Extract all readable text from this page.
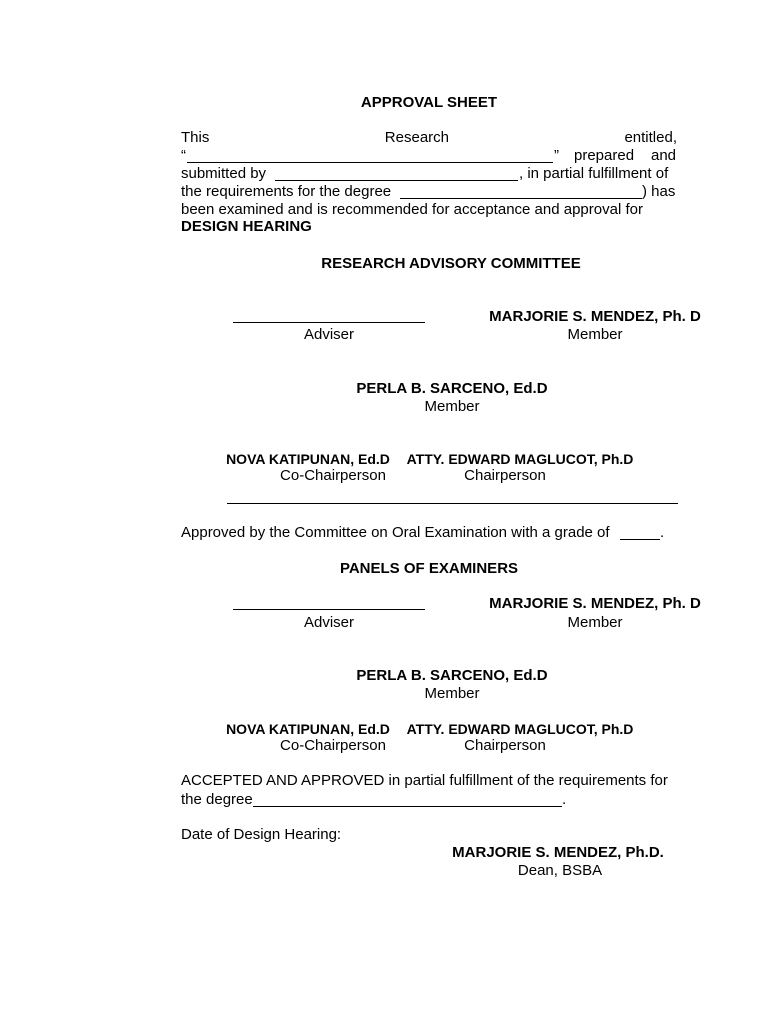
APPROVAL SHEET
This	Research	entitled,
“	” prepared and
submitted by	, in partial fulfillment of
the requirements for the degree	) has
been examined and is recommended for acceptance and approval for
DESIGN HEARING
RESEARCH ADVISORY COMMITTEE
Adviser
MARJORIE S. MENDEZ, Ph. D
Member
PERLA B. SARCENO, Ed.D
Member
NOVA KATIPUNAN, Ed.D
Co-Chairperson
ATTY. EDWARD MAGLUCOT, Ph.D
Chairperson
Approved by the Committee on Oral Examination with a grade of	.
PANELS OF EXAMINERS
Adviser
MARJORIE S. MENDEZ, Ph. D
Member
PERLA B. SARCENO, Ed.D
Member
NOVA KATIPUNAN, Ed.D
Co-Chairperson
ATTY. EDWARD MAGLUCOT, Ph.D
Chairperson
ACCEPTED AND APPROVED in partial fulfillment of the requirements for
the degree	.
Date of Design Hearing:
MARJORIE S. MENDEZ, Ph.D.
Dean, BSBA
